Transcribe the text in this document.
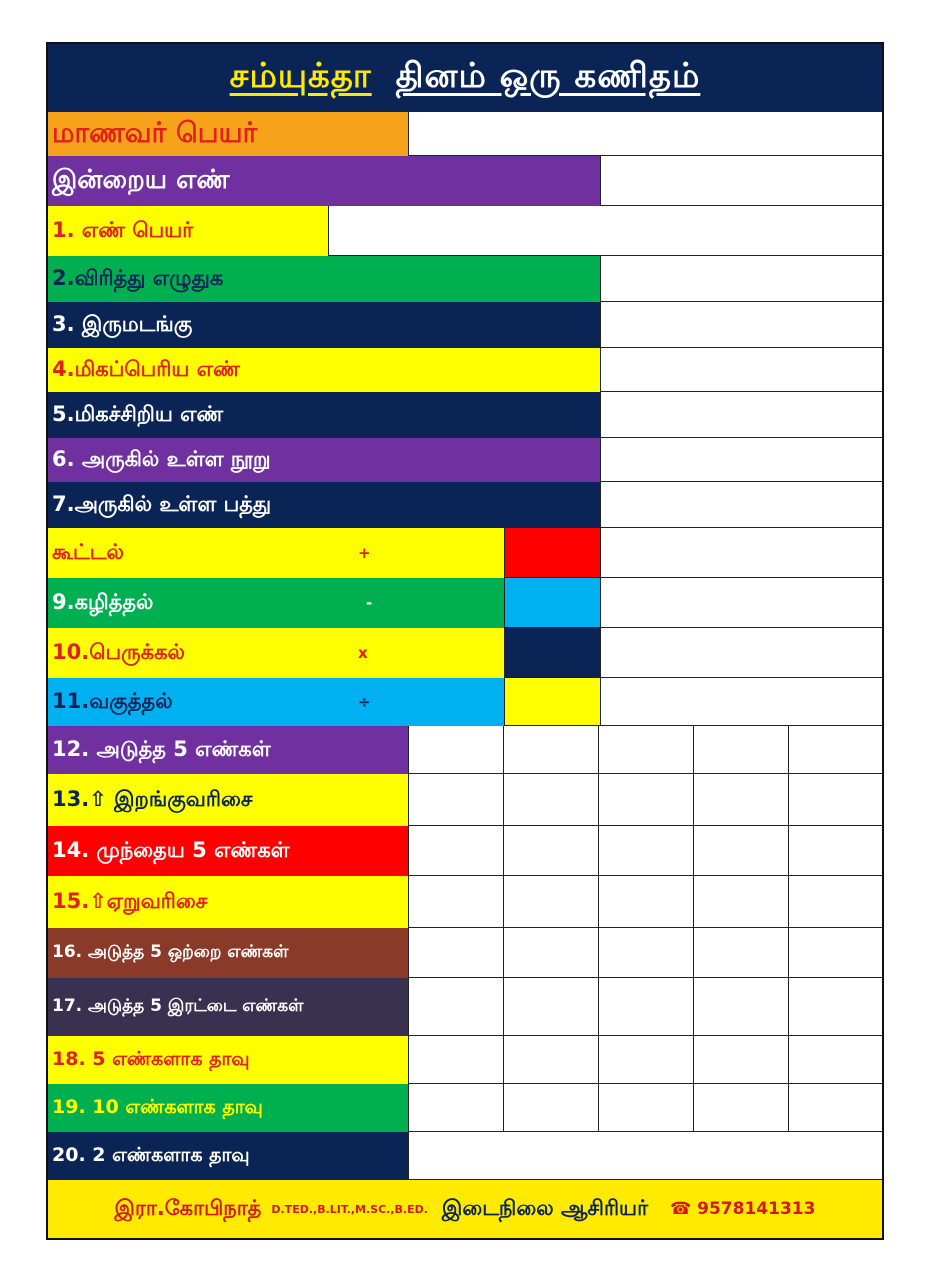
சம்யுக்தா தினம் ஒரு கணிதம்
மாணவர் பெயர்
இன்றைய எண்
1. எண் பெயர்
2.விரித்து எழுதுக
3. இருமடங்கு
4.மிகப்பெரிய எண்
5.மிகச்சிறிய எண்
6. அருகில் உள்ள நூறு
7.அருகில் உள்ள பத்து
கூட்டல்	+
9.கழித்தல்	-
10.பெருக்கல்	x
11.வகுத்தல்	÷
12. அடுத்த 5 எண்கள்
13.⇧ இறங்குவரிசை
14. முந்தைய 5 எண்கள்
15.⇧ஏறுவரிசை
16. அடுத்த 5 ஒற்றை எண்கள்
17. அடுத்த 5 இரட்டை எண்கள்
18. 5 எண்களாக தாவு
19. 10 எண்களாக தாவு
20. 2 எண்களாக தாவு
இரா.கோபிநாத் D.TED.,B.LIT.,M.SC.,B.ED. இடைநிலை ஆசிரியர் ☎ 9578141313
